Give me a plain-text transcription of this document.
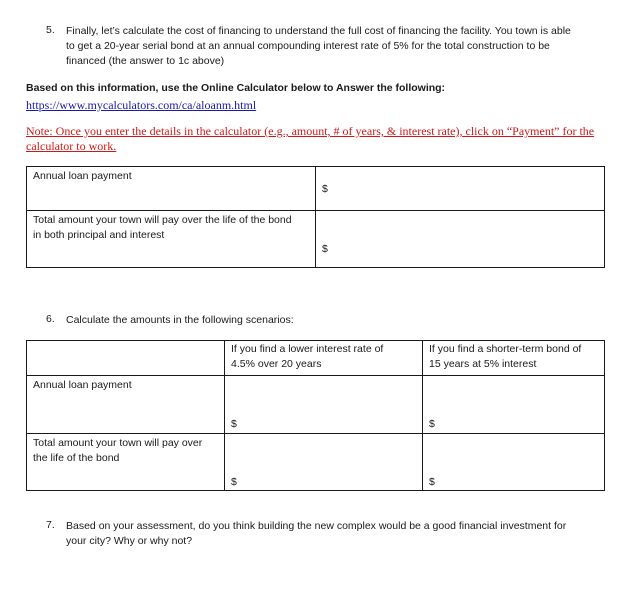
5. Finally, let’s calculate the cost of financing to understand the full cost of financing the facility. You town is able
to get a 20-year serial bond at an annual compounding interest rate of 5% for the total construction to be
financed (the answer to 1c above)
Based on this information, use the Online Calculator below to Answer the following:
https://www.mycalculators.com/ca/aloanm.html
Note: Once you enter the details in the calculator (e.g., amount, # of years, & interest rate), click on “Payment” for the
calculator to work.
Annual loan payment	$

Total amount your town will pay over the life of the bond
in both principal and interest	$
6. Calculate the amounts in the following scenarios:

	If you find a lower interest rate of
4.5% over 20 years	If you find a shorter-term bond of
15 years at 5% interest

Annual loan payment	$	$

Total amount your town will pay over
the life of the bond	$	$
7. Based on your assessment, do you think building the new complex would be a good financial investment for
your city? Why or why not?
